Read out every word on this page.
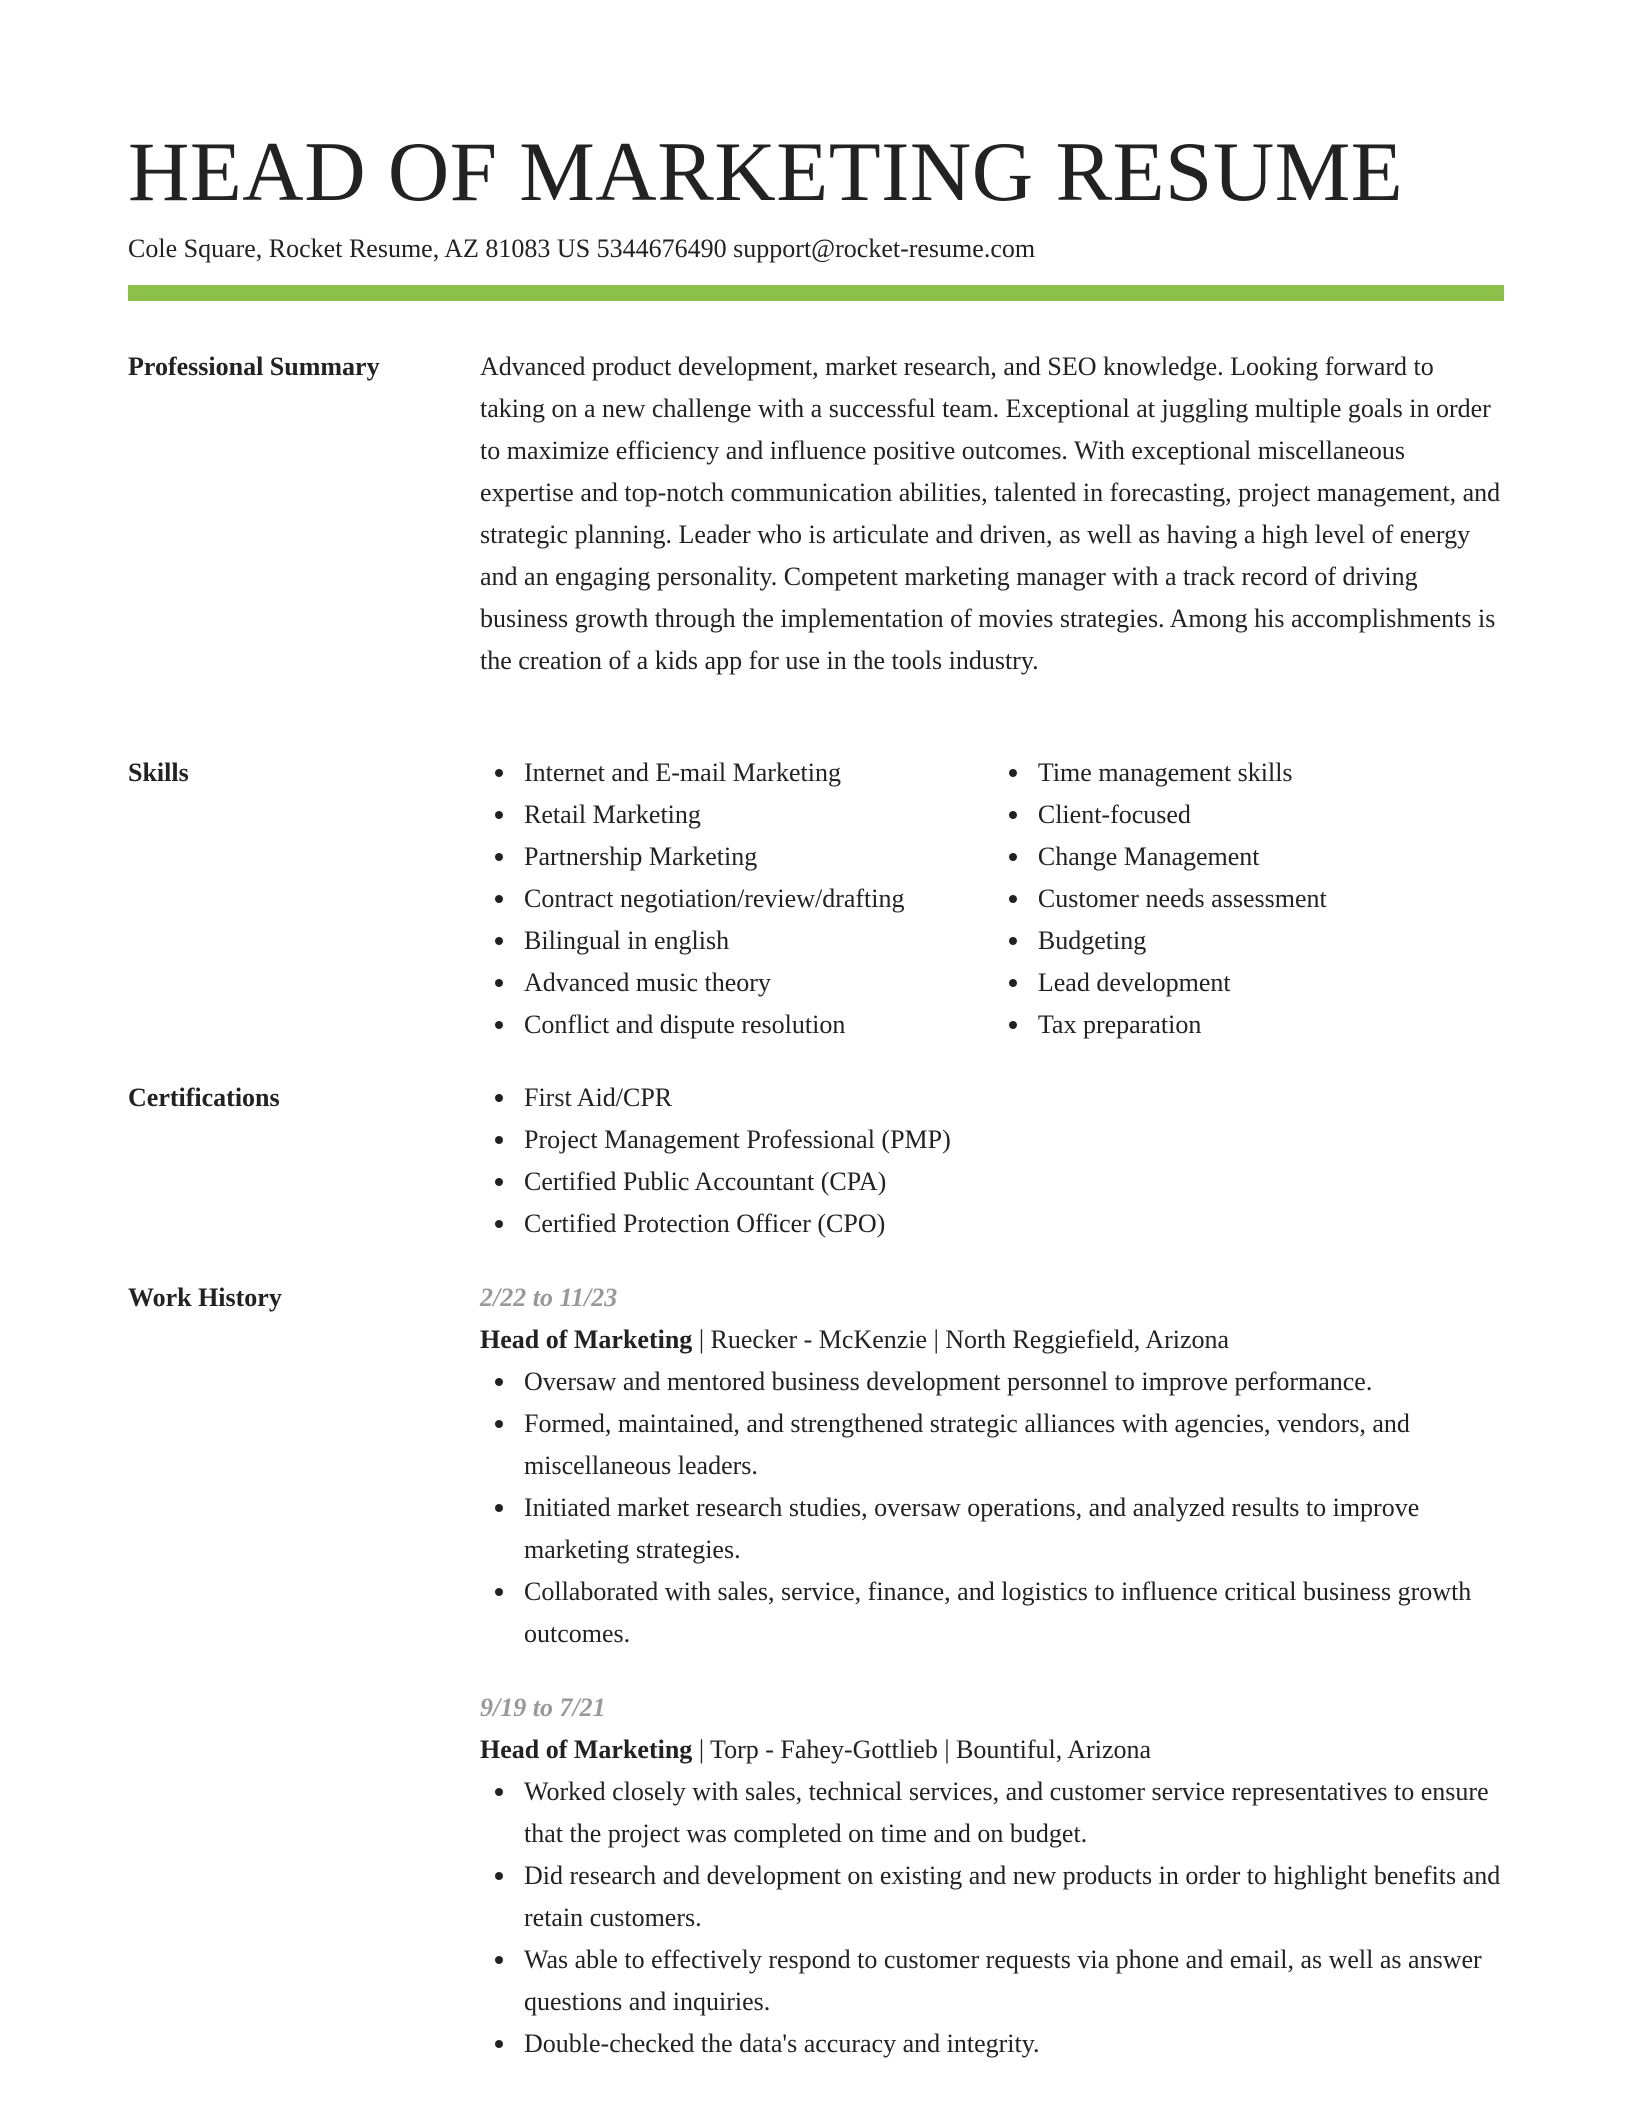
HEAD OF MARKETING RESUME
Cole Square, Rocket Resume, AZ 81083 US 5344676490 support@rocket-resume.com
Professional Summary	Advanced product development, market research, and SEO knowledge. Looking forward to taking on a new challenge with a successful team. Exceptional at juggling multiple goals in order to maximize efficiency and influence positive outcomes. With exceptional miscellaneous expertise and top-notch communication abilities, talented in forecasting, project management, and strategic planning. Leader who is articulate and driven, as well as having a high level of energy and an engaging personality. Competent marketing manager with a track record of driving business growth through the implementation of movies strategies. Among his accomplishments is the creation of a kids app for use in the tools industry.

Skills	Internet and E-mail Marketing
Retail Marketing
Partnership Marketing
Contract negotiation/review/drafting
Bilingual in english
Advanced music theory
Conflict and dispute resolution
Time management skills
Client-focused
Change Management
Customer needs assessment
Budgeting
Lead development
Tax preparation
Certifications	First Aid/CPR
Project Management Professional (PMP)
Certified Public Accountant (CPA)
Certified Protection Officer (CPO)
Work History	2/22 to 11/23
Head of Marketing | Ruecker - McKenzie | North Reggiefield, Arizona
Oversaw and mentored business development personnel to improve performance.
Formed, maintained, and strengthened strategic alliances with agencies, vendors, and miscellaneous leaders.
Initiated market research studies, oversaw operations, and analyzed results to improve marketing strategies.
Collaborated with sales, service, finance, and logistics to influence critical business growth outcomes.
9/19 to 7/21
Head of Marketing | Torp - Fahey-Gottlieb | Bountiful, Arizona
Worked closely with sales, technical services, and customer service representatives to ensure that the project was completed on time and on budget.
Did research and development on existing and new products in order to highlight benefits and retain customers.
Was able to effectively respond to customer requests via phone and email, as well as answer questions and inquiries.
Double-checked the data's accuracy and integrity.
